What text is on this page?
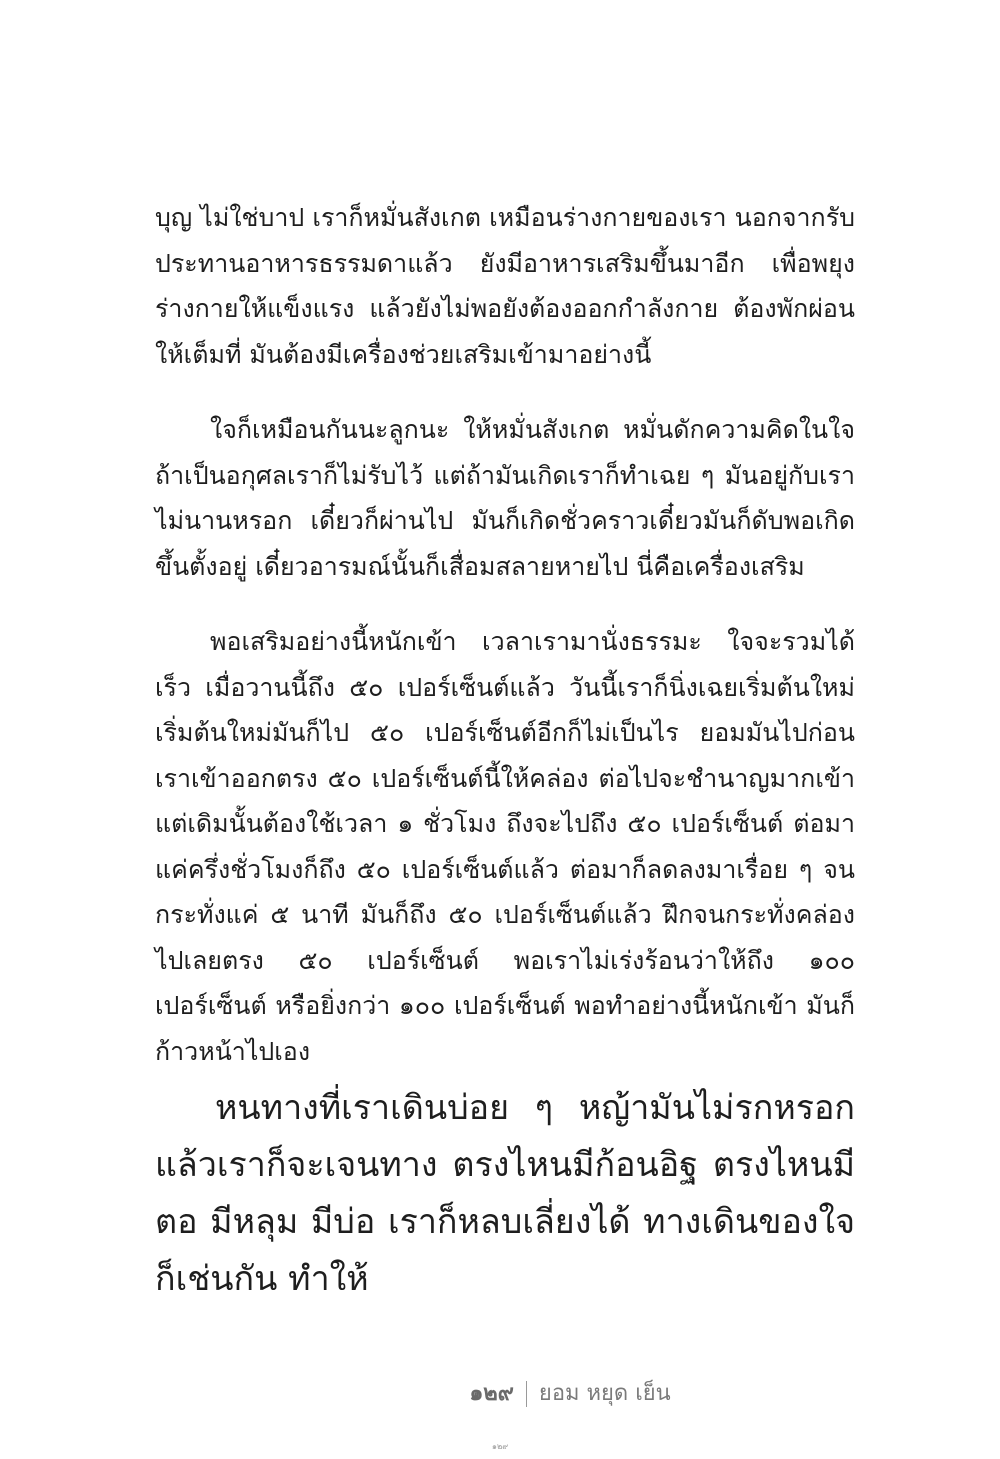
บุญ ไม่ใช่บาป เราก็หมั่นสังเกต เหมือนร่างกายของเรา นอกจากรับประทานอาหารธรรมดาแล้ว ยังมีอาหารเสริมขึ้นมาอีก เพื่อพยุงร่างกายให้แข็งแรง แล้วยังไม่พอยังต้องออกกำลังกาย ต้องพักผ่อนให้เต็มที่ มันต้องมีเครื่องช่วยเสริมเข้ามาอย่างนี้

ใจก็เหมือนกันนะลูกนะ ให้หมั่นสังเกต หมั่นดักความคิดในใจ ถ้าเป็นอกุศลเราก็ไม่รับไว้ แต่ถ้ามันเกิดเราก็ทำเฉย ๆ มันอยู่กับเราไม่นานหรอก เดี๋ยวก็ผ่านไป มันก็เกิดชั่วคราวเดี๋ยวมันก็ดับพอเกิดขึ้นตั้งอยู่ เดี๋ยวอารมณ์นั้นก็เสื่อมสลายหายไป นี่คือเครื่องเสริม

พอเสริมอย่างนี้หนักเข้า เวลาเรามานั่งธรรมะ ใจจะรวมได้เร็ว เมื่อวานนี้ถึง ๕๐ เปอร์เซ็นต์แล้ว วันนี้เราก็นิ่งเฉยเริ่มต้นใหม่ เริ่มต้นใหม่มันก็ไป ๕๐ เปอร์เซ็นต์อีกก็ไม่เป็นไร ยอมมันไปก่อน เราเข้าออกตรง ๕๐ เปอร์เซ็นต์นี้ให้คล่อง ต่อไปจะชำนาญมากเข้า แต่เดิมนั้นต้องใช้เวลา ๑ ชั่วโมง ถึงจะไปถึง ๕๐ เปอร์เซ็นต์ ต่อมาแค่ครึ่งชั่วโมงก็ถึง ๕๐ เปอร์เซ็นต์แล้ว ต่อมาก็ลดลงมาเรื่อย ๆ จนกระทั่งแค่ ๕ นาที มันก็ถึง ๕๐ เปอร์เซ็นต์แล้ว ฝึกจนกระทั่งคล่องไปเลยตรง ๕๐ เปอร์เซ็นต์ พอเราไม่เร่งร้อนว่าให้ถึง ๑๐๐ เปอร์เซ็นต์ หรือยิ่งกว่า ๑๐๐ เปอร์เซ็นต์ พอทำอย่างนี้หนักเข้า มันก็ก้าวหน้าไปเอง

หนทางที่เราเดินบ่อย ๆ หญ้ามันไม่รกหรอก แล้วเราก็จะเจนทาง ตรงไหนมีก้อนอิฐ ตรงไหนมีตอ มีหลุม มีบ่อ เราก็หลบเลี่ยงได้ ทางเดินของใจก็เช่นกัน ทำให้

๑๒๙ ยอม หยุด เย็น
๑๒๙
